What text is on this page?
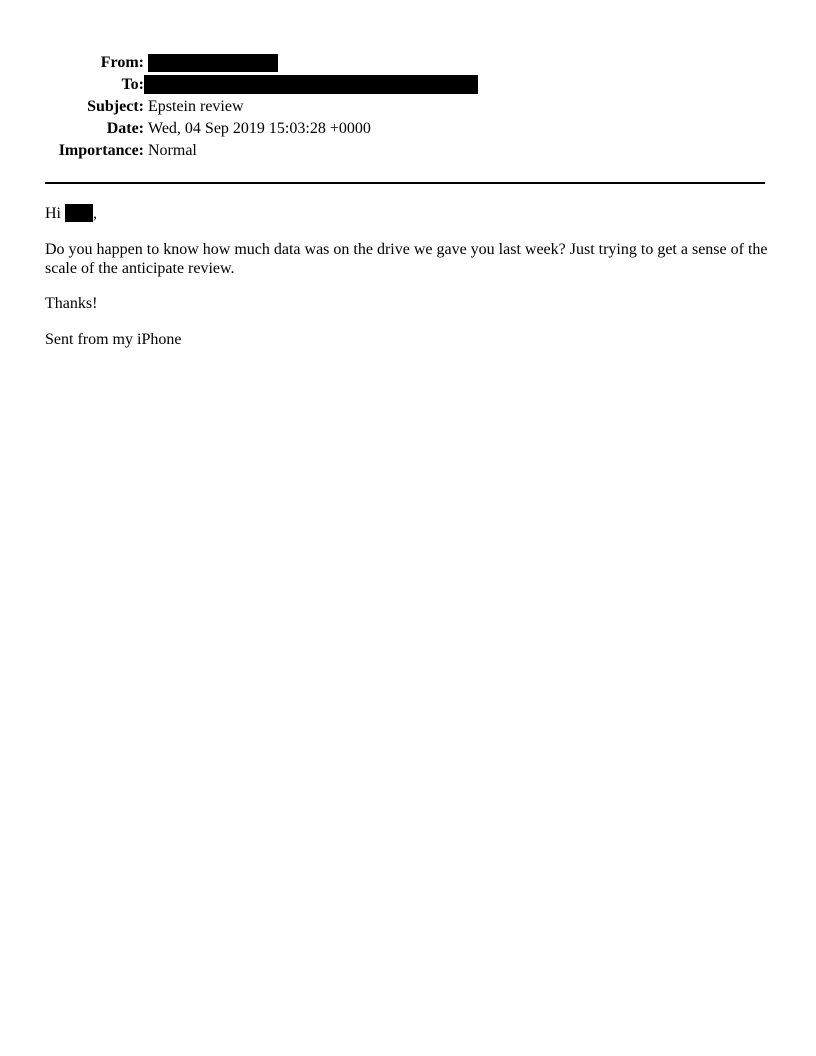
From:
To:
Subject: Epstein review
Date: Wed, 04 Sep 2019 15:03:28 +0000
Importance: Normal
Hi ,
Do you happen to know how much data was on the drive we gave you last week? Just trying to get a sense of the scale of the anticipate review.
Thanks!
Sent from my iPhone
